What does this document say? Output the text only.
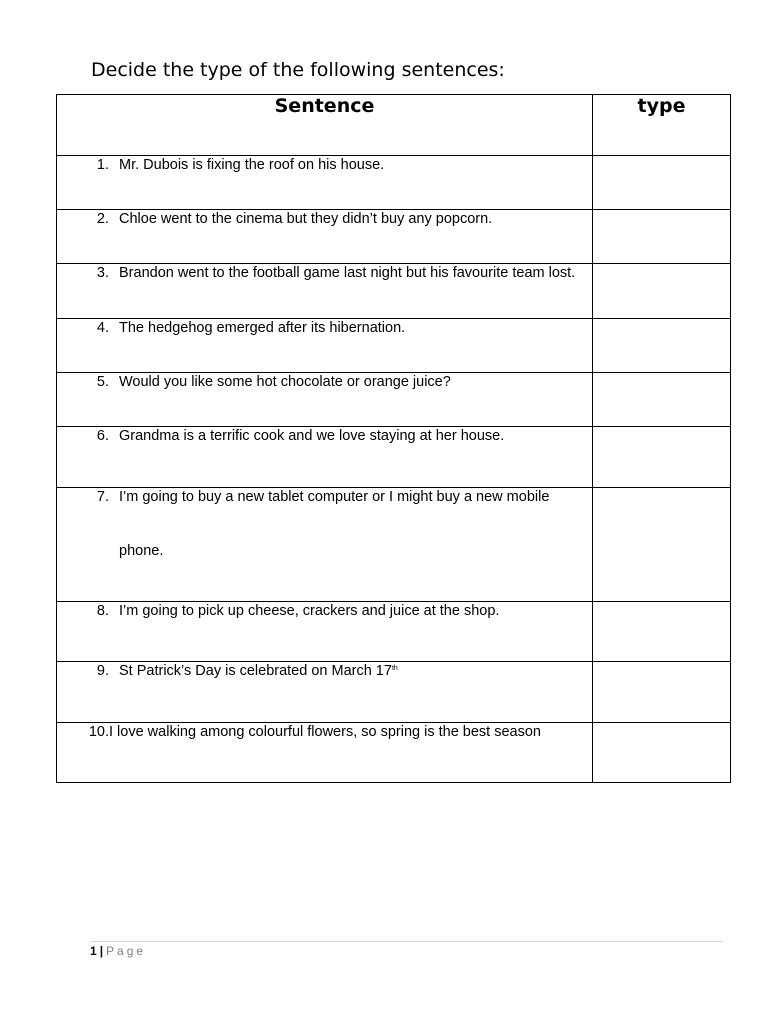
Decide the type of the following sentences:
Sentence	type

1. Mr. Dubois is fixing the roof on his house.	

2. Chloe went to the cinema but they didn’t buy any popcorn.	

3. Brandon went to the football game last night but his favourite team lost.	

4. The hedgehog emerged after its hibernation.	

5. Would you like some hot chocolate or orange juice?	

6. Grandma is a terrific cook and we love staying at her house.	

7. I’m going to buy a new tablet computer or I might buy a new mobile
phone.	

8. I’m going to pick up cheese, crackers and juice at the shop.	

9. St Patrick’s Day is celebrated on March 17th

10. I love walking among colourful flowers, so spring is the best season	

1 | Page
